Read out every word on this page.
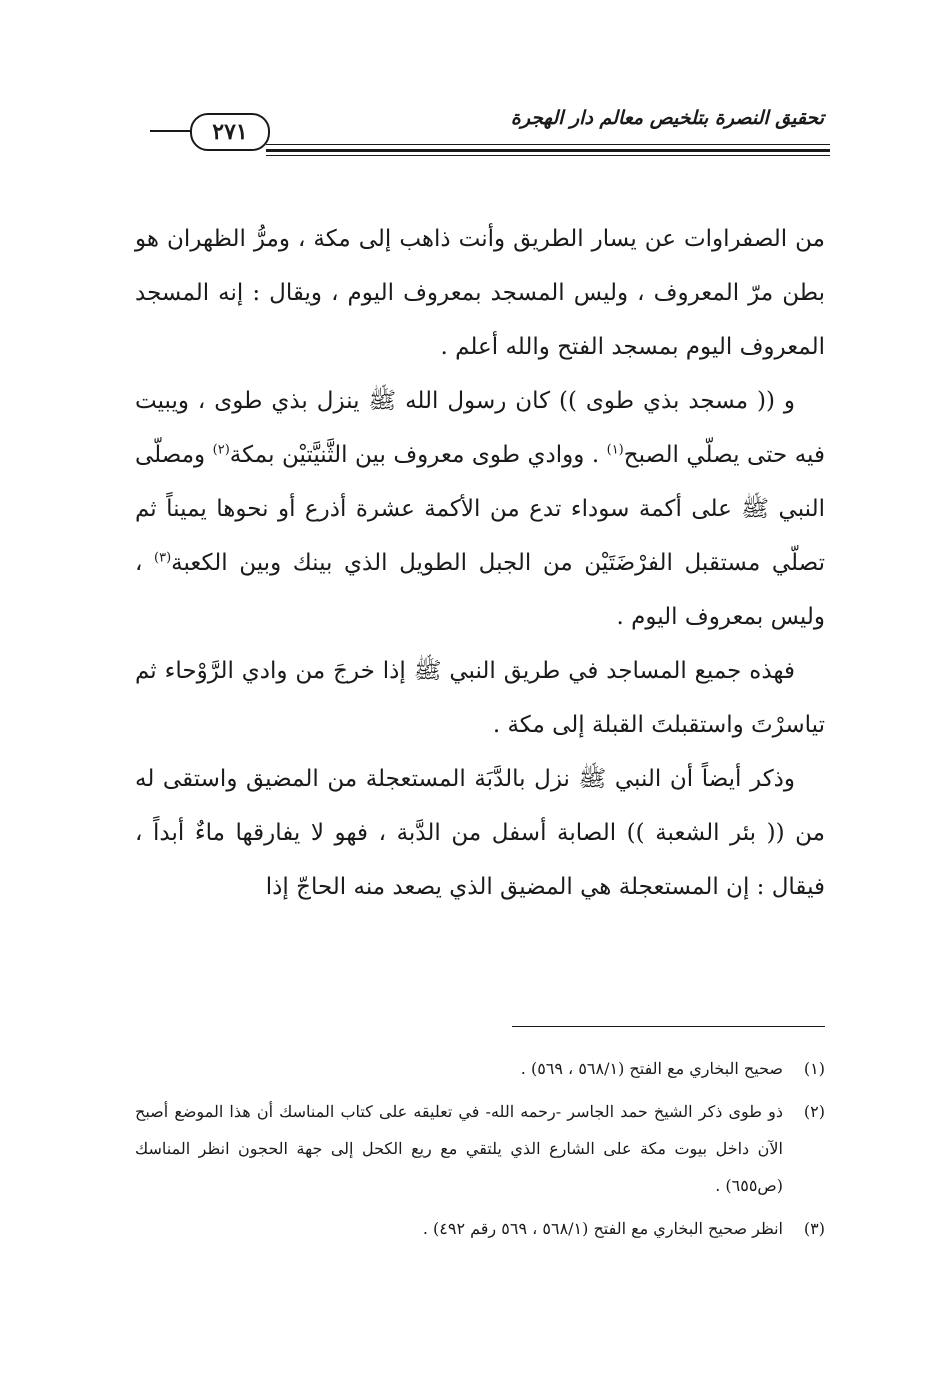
٢٧١
تحقيق النصرة بتلخيص معالم دار الهجرة

من الصفراوات عن يسار الطريق وأنت ذاهب إلى مكة ، ومرُّ الظهران هو بطن مرّ المعروف ، وليس المسجد بمعروف اليوم ، ويقال : إنه المسجد المعروف اليوم بمسجد الفتح والله أعلم .

و (( مسجد بذي طوى )) كان رسول الله ﷺ ينزل بذي طوى ، ويبيت فيه حتى يصلّي الصبح$^{(١)}$ . ووادي طوى معروف بين الثَّنيَّتيْن بمكة$^{(٢)}$ ومصلّى النبي ﷺ على أكمة سوداء تدع من الأكمة عشرة أذرع أو نحوها يميناً ثم تصلّي مستقبل الفرْضَتَيْن من الجبل الطويل الذي بينك وبين الكعبة$^{(٣)}$ ، وليس بمعروف اليوم .

فهذه جميع المساجد في طريق النبي ﷺ إذا خرجَ من وادي الرَّوْحاء ثم تياسرْتَ واستقبلتَ القبلة إلى مكة .

وذكر أيضاً أن النبي ﷺ نزل بالدَّبَة المستعجلة من المضيق واستقى له من (( بئر الشعبة )) الصابة أسفل من الدَّبة ، فهو لا يفارقها ماءٌ أبداً ، فيقال : إن المستعجلة هي المضيق الذي يصعد منه الحاجّ إذا

(١)
صحيح البخاري مع الفتح (٥٦٨/١ ، ٥٦٩) .

(٢)
ذو طوى ذكر الشيخ حمد الجاسر -رحمه الله- في تعليقه على كتاب المناسك أن هذا الموضع أصبح الآن داخل بيوت مكة على الشارع الذي يلتقي مع ريع الكحل إلى جهة الحجون انظر المناسك (ص٦٥٥) .

(٣)
انظر صحيح البخاري مع الفتح (٥٦٨/١ ، ٥٦٩ رقم ٤٩٢) .
